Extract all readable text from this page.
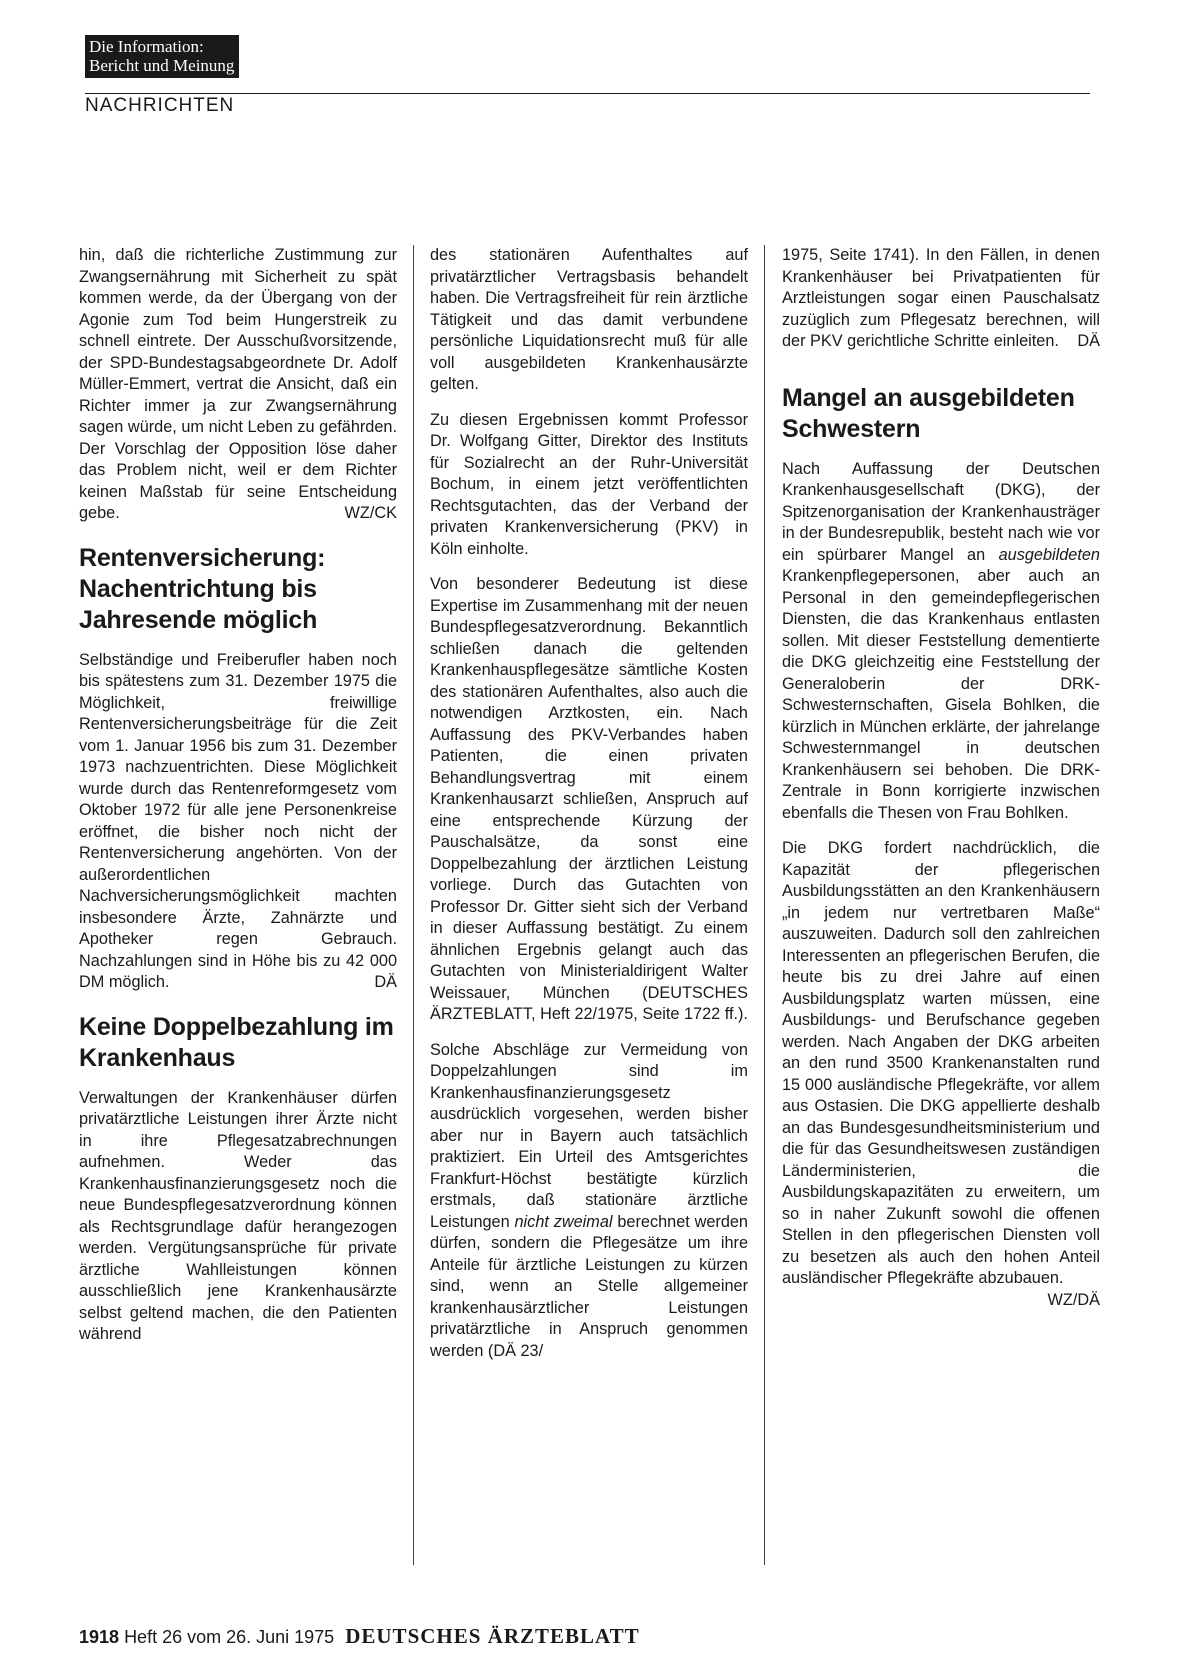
Die Information:
Bericht und Meinung
NACHRICHTEN

hin, daß die richterliche Zustimmung zur Zwangsernährung mit Sicherheit zu spät kommen werde, da der Übergang von der Agonie zum Tod beim Hungerstreik zu schnell eintrete. Der Ausschußvorsitzende, der SPD-Bundestagsabgeordnete Dr. Adolf Müller-Emmert, vertrat die Ansicht, daß ein Richter immer ja zur Zwangsernährung sagen würde, um nicht Leben zu gefährden. Der Vorschlag der Opposition löse daher das Problem nicht, weil er dem Richter keinen Maßstab für seine Entscheidung gebe.	WZ/CK

Rentenversicherung: Nachentrichtung bis Jahresende möglich

Selbständige und Freiberufler haben noch bis spätestens zum 31. Dezember 1975 die Möglichkeit, freiwillige Rentenversicherungsbeiträge für die Zeit vom 1. Januar 1956 bis zum 31. Dezember 1973 nachzuentrichten. Diese Möglichkeit wurde durch das Rentenreformgesetz vom Oktober 1972 für alle jene Personenkreise eröffnet, die bisher noch nicht der Rentenversicherung angehörten. Von der außerordentlichen Nachversicherungsmöglichkeit machten insbesondere Ärzte, Zahnärzte und Apotheker regen Gebrauch. Nachzahlungen sind in Höhe bis zu 42 000 DM möglich.	DÄ

Keine Doppelbezahlung im Krankenhaus

Verwaltungen der Krankenhäuser dürfen privatärztliche Leistungen ihrer Ärzte nicht in ihre Pflegesatzabrechnungen aufnehmen. Weder das Krankenhausfinanzierungsgesetz noch die neue Bundespflegesatzverordnung können als Rechtsgrundlage dafür herangezogen werden. Vergütungsansprüche für private ärztliche Wahlleistungen können ausschließlich jene Krankenhausärzte selbst geltend machen, die den Patienten während

des stationären Aufenthaltes auf privatärztlicher Vertragsbasis behandelt haben. Die Vertragsfreiheit für rein ärztliche Tätigkeit und das damit verbundene persönliche Liquidationsrecht muß für alle voll ausgebildeten Krankenhausärzte gelten.

Zu diesen Ergebnissen kommt Professor Dr. Wolfgang Gitter, Direktor des Instituts für Sozialrecht an der Ruhr-Universität Bochum, in einem jetzt veröffentlichten Rechtsgutachten, das der Verband der privaten Krankenversicherung (PKV) in Köln einholte.

Von besonderer Bedeutung ist diese Expertise im Zusammenhang mit der neuen Bundespflegesatzverordnung. Bekanntlich schließen danach die geltenden Krankenhauspflegesätze sämtliche Kosten des stationären Aufenthaltes, also auch die notwendigen Arztkosten, ein. Nach Auffassung des PKV-Verbandes haben Patienten, die einen privaten Behandlungsvertrag mit einem Krankenhausarzt schließen, Anspruch auf eine entsprechende Kürzung der Pauschalsätze, da sonst eine Doppelbezahlung der ärztlichen Leistung vorliege. Durch das Gutachten von Professor Dr. Gitter sieht sich der Verband in dieser Auffassung bestätigt. Zu einem ähnlichen Ergebnis gelangt auch das Gutachten von Ministerialdirigent Walter Weissauer, München (DEUTSCHES ÄRZTEBLATT, Heft 22/1975, Seite 1722 ff.).

Solche Abschläge zur Vermeidung von Doppelzahlungen sind im Krankenhausfinanzierungsgesetz ausdrücklich vorgesehen, werden bisher aber nur in Bayern auch tatsächlich praktiziert. Ein Urteil des Amtsgerichtes Frankfurt-Höchst bestätigte kürzlich erstmals, daß stationäre ärztliche Leistungen nicht zweimal berechnet werden dürfen, sondern die Pflegesätze um ihre Anteile für ärztliche Leistungen zu kürzen sind, wenn an Stelle allgemeiner krankenhausärztlicher Leistungen privatärztliche in Anspruch genommen werden (DÄ 23/

1975, Seite 1741). In den Fällen, in denen Krankenhäuser bei Privatpatienten für Arztleistungen sogar einen Pauschalsatz zuzüglich zum Pflegesatz berechnen, will der PKV gerichtliche Schritte einleiten. DÄ

Mangel an ausgebildeten Schwestern

Nach Auffassung der Deutschen Krankenhausgesellschaft (DKG), der Spitzenorganisation der Krankenhausträger in der Bundesrepublik, besteht nach wie vor ein spürbarer Mangel an ausgebildeten Krankenpflegepersonen, aber auch an Personal in den gemeindepflegerischen Diensten, die das Krankenhaus entlasten sollen. Mit dieser Feststellung dementierte die DKG gleichzeitig eine Feststellung der Generaloberin der DRK-Schwesternschaften, Gisela Bohlken, die kürzlich in München erklärte, der jahrelange Schwesternmangel in deutschen Krankenhäusern sei behoben. Die DRK-Zentrale in Bonn korrigierte inzwischen ebenfalls die Thesen von Frau Bohlken.

Die DKG fordert nachdrücklich, die Kapazität der pflegerischen Ausbildungsstätten an den Krankenhäusern „in jedem nur vertretbaren Maße“ auszuweiten. Dadurch soll den zahlreichen Interessenten an pflegerischen Berufen, die heute bis zu drei Jahre auf einen Ausbildungsplatz warten müssen, eine Ausbildungs- und Berufschance gegeben werden. Nach Angaben der DKG arbeiten an den rund 3500 Krankenanstalten rund 15 000 ausländische Pflegekräfte, vor allem aus Ostasien. Die DKG appellierte deshalb an das Bundesgesundheitsministerium und die für das Gesundheitswesen zuständigen Länderministerien, die Ausbildungskapazitäten zu erweitern, um so in naher Zukunft sowohl die offenen Stellen in den pflegerischen Diensten voll zu besetzen als auch den hohen Anteil ausländischer Pflegekräfte abzubauen.
WZ/DÄ

1918 Heft 26 vom 26. Juni 1975 DEUTSCHES ÄRZTEBLATT
